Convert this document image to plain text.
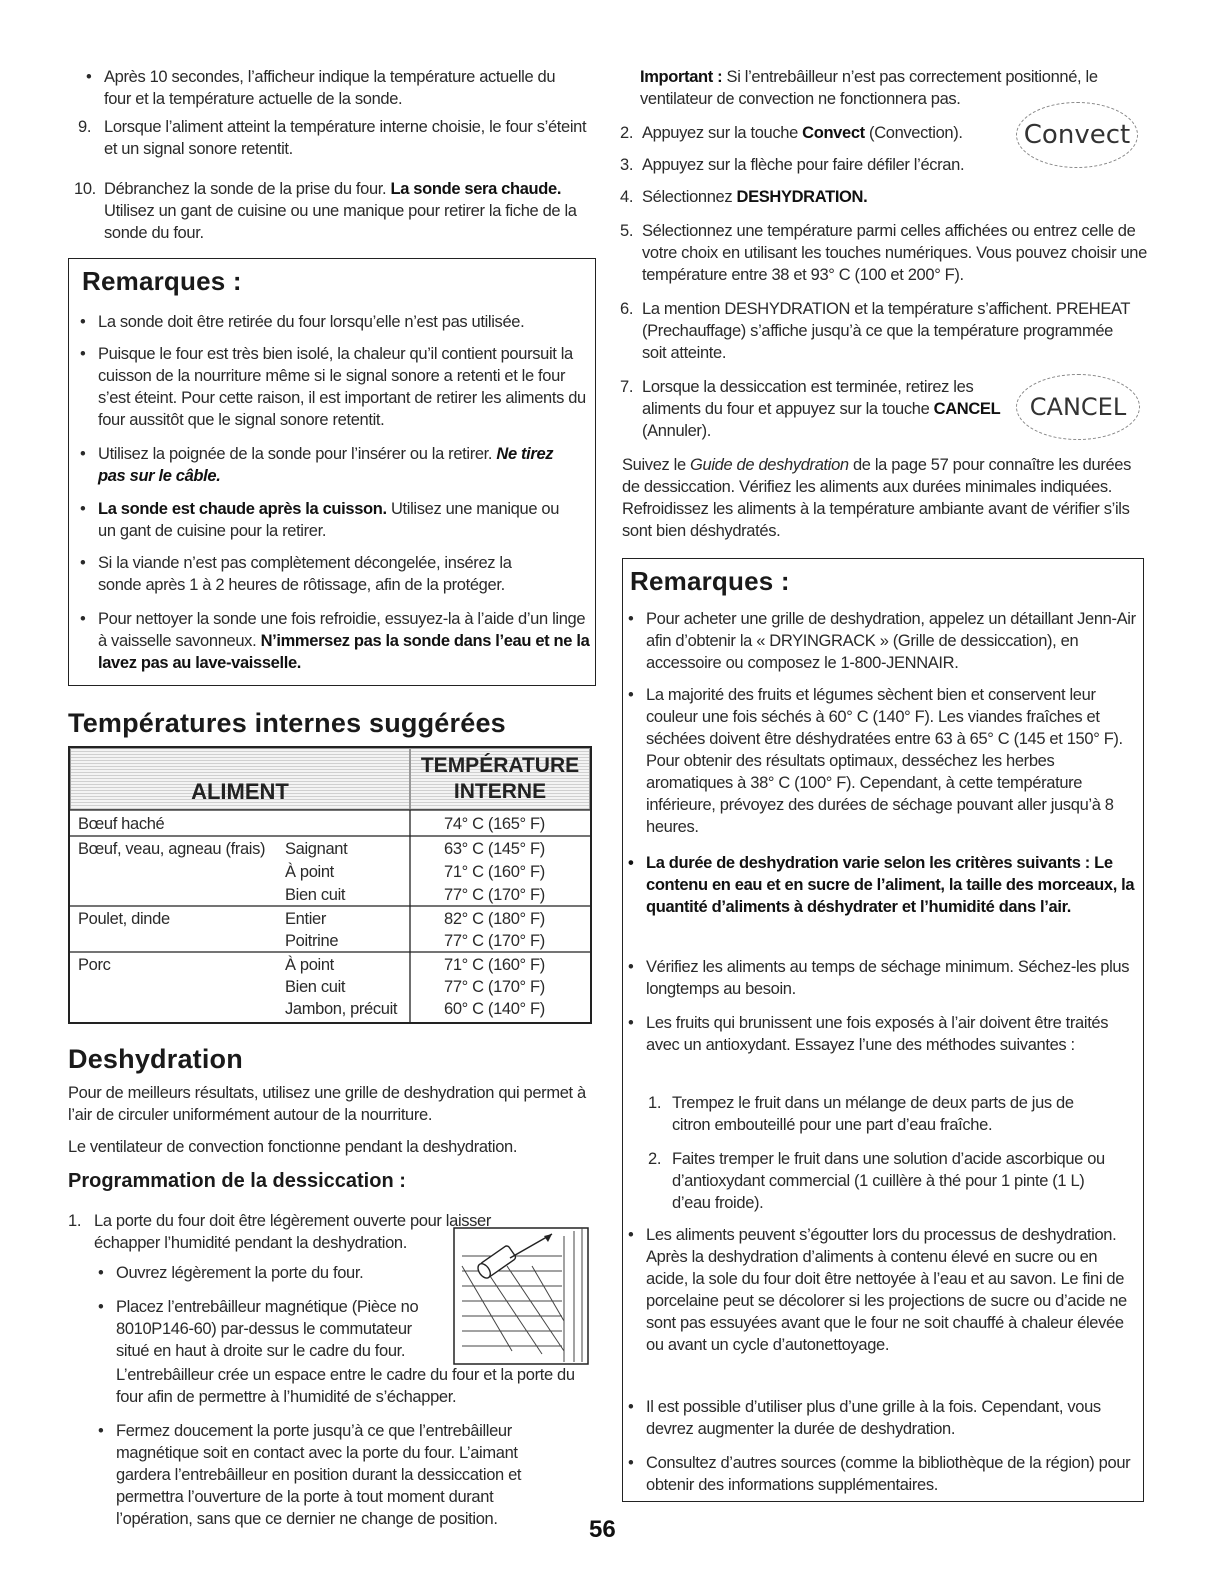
• Après 10 secondes, l’afficheur indique la température actuelle du four et la température actuelle de la sonde.
9. Lorsque l’aliment atteint la température interne choisie, le four s’éteint et un signal sonore retentit.
10. Débranchez la sonde de la prise du four. La sonde sera chaude. Utilisez un gant de cuisine ou une manique pour retirer la fiche de la sonde du four.
Remarques :
• La sonde doit être retirée du four lorsqu’elle n’est pas utilisée.
• Puisque le four est très bien isolé, la chaleur qu’il contient poursuit la cuisson de la nourriture même si le signal sonore a retenti et le four s’est éteint. Pour cette raison, il est important de retirer les aliments du four aussitôt que le signal sonore retentit.
• Utilisez la poignée de la sonde pour l’insérer ou la retirer. Ne tirez pas sur le câble.
• La sonde est chaude après la cuisson. Utilisez une manique ou un gant de cuisine pour la retirer.
• Si la viande n’est pas complètement décongelée, insérez la sonde après 1 à 2 heures de rôtissage, afin de la protéger.
• Pour nettoyer la sonde une fois refroidie, essuyez-la à l’aide d’un linge à vaisselle savonneux. N’immersez pas la sonde dans l’eau et ne la lavez pas au lave-vaisselle.
Températures internes suggérées
ALIMENT
TEMPÉRATURE
INTERNE
Bœuf haché	74° C (165° F)
Bœuf, veau, agneau (frais) Saignant	63° C (145° F)
À point	71° C (160° F)
Bien cuit	77° C (170° F)
Poulet, dinde	Entier	82° C (180° F)
Poitrine	77° C (170° F)
Porc	À point	71° C (160° F)
Bien cuit	77° C (170° F)
Jambon, précuit	60° C (140° F)
Deshydration
Pour de meilleurs résultats, utilisez une grille de deshydration qui permet à l’air de circuler uniformément autour de la nourriture.
Le ventilateur de convection fonctionne pendant la deshydration.
Programmation de la dessiccation :
1. La porte du four doit être légèrement ouverte pour laisser échapper l’humidité pendant la deshydration.
• Ouvrez légèrement la porte du four.
• Placez l’entrebâilleur magnétique (Pièce no 8010P146-60) par-dessus le commutateur situé en haut à droite sur le cadre du four.
L’entrebâilleur crée un espace entre le cadre du four et la porte du four afin de permettre à l’humidité de s’échapper.
• Fermez doucement la porte jusqu’à ce que l’entrebâilleur magnétique soit en contact avec la porte du four. L’aimant gardera l’entrebâilleur en position durant la dessiccation et permettra l’ouverture de la porte à tout moment durant l’opération, sans que ce dernier ne change de position.
Important : Si l’entrebâilleur n’est pas correctement positionné, le ventilateur de convection ne fonctionnera pas.
2. Appuyez sur la touche Convect (Convection).	Convect
3. Appuyez sur la flèche pour faire défiler l’écran.
4. Sélectionnez DESHYDRATION.
5. Sélectionnez une température parmi celles affichées ou entrez celle de votre choix en utilisant les touches numériques. Vous pouvez choisir une température entre 38 et 93° C (100 et 200° F).
6. La mention DESHYDRATION et la température s’affichent. PREHEAT (Prechauffage) s’affiche jusqu’à ce que la température programmée soit atteinte.
7. Lorsque la dessiccation est terminée, retirez les aliments du four et appuyez sur la touche CANCEL (Annuler).
CANCEL
Suivez le Guide de deshydration de la page 57 pour connaître les durées de dessiccation. Vérifiez les aliments aux durées minimales indiquées. Refroidissez les aliments à la température ambiante avant de vérifier s’ils sont bien déshydratés.
Remarques :
• Pour acheter une grille de deshydration, appelez un détaillant Jenn-Air afin d’obtenir la « DRYINGRACK » (Grille de dessiccation), en accessoire ou composez le 1-800-JENNAIR.
• La majorité des fruits et légumes sèchent bien et conservent leur couleur une fois séchés à 60° C (140° F). Les viandes fraîches et séchées doivent être déshydratées entre 63 à 65° C (145 et 150° F). Pour obtenir des résultats optimaux, desséchez les herbes aromatiques à 38° C (100° F). Cependant, à cette température inférieure, prévoyez des durées de séchage pouvant aller jusqu’à 8 heures.
• La durée de deshydration varie selon les critères suivants : Le contenu en eau et en sucre de l’aliment, la taille des morceaux, la quantité d’aliments à déshydrater et l’humidité dans l’air.
• Vérifiez les aliments au temps de séchage minimum. Séchez-les plus longtemps au besoin.
• Les fruits qui brunissent une fois exposés à l’air doivent être traités avec un antioxydant. Essayez l’une des méthodes suivantes :
1. Trempez le fruit dans un mélange de deux parts de jus de citron embouteillé pour une part d’eau fraîche.
2. Faites tremper le fruit dans une solution d’acide ascorbique ou d’antioxydant commercial (1 cuillère à thé pour 1 pinte (1 L) d’eau froide).
• Les aliments peuvent s’égoutter lors du processus de deshydration. Après la deshydration d’aliments à contenu élevé en sucre ou en acide, la sole du four doit être nettoyée à l’eau et au savon. Le fini de porcelaine peut se décolorer si les projections de sucre ou d’acide ne sont pas essuyées avant que le four ne soit chauffé à chaleur élevée ou avant un cycle d’autonettoyage.
• Il est possible d’utiliser plus d’une grille à la fois. Cependant, vous devrez augmenter la durée de deshydration.
• Consultez d’autres sources (comme la bibliothèque de la région) pour obtenir des informations supplémentaires.
56
